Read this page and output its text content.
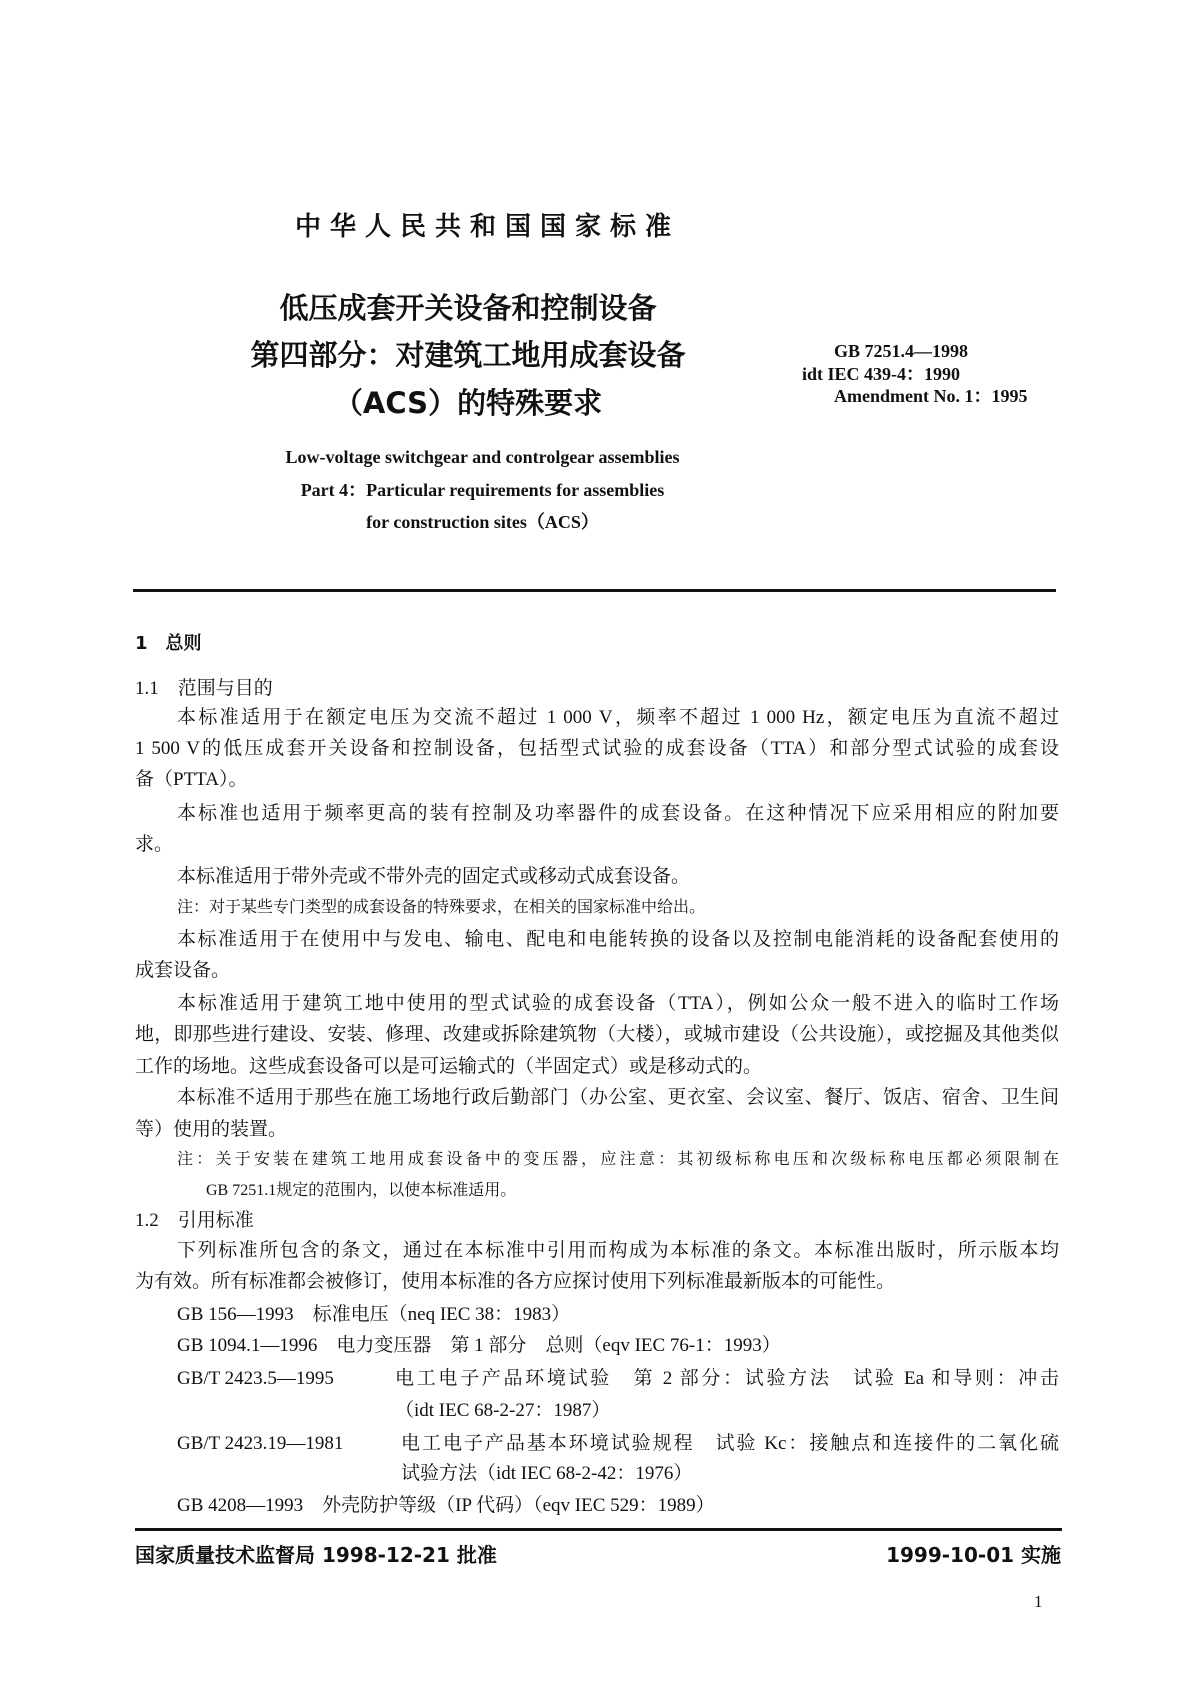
中华人民共和国国家标准
低压成套开关设备和控制设备
第四部分：对建筑工地用成套设备
（ACS）的特殊要求
GB 7251.4—1998
idt IEC 439-4：1990
Amendment No. 1：1995
Low-voltage switchgear and controlgear assemblies
Part 4：Particular requirements for assemblies
for construction sites（ACS）
1　总则
1.1　范围与目的
本标准适用于在额定电压为交流不超过 1 000 V，频率不超过 1 000 Hz，额定电压为直流不超过
1 500 V的低压成套开关设备和控制设备，包括型式试验的成套设备（TTA）和部分型式试验的成套设
备（PTTA）。
本标准也适用于频率更高的装有控制及功率器件的成套设备。在这种情况下应采用相应的附加要
求。
本标准适用于带外壳或不带外壳的固定式或移动式成套设备。
注：对于某些专门类型的成套设备的特殊要求，在相关的国家标准中给出。
本标准适用于在使用中与发电、输电、配电和电能转换的设备以及控制电能消耗的设备配套使用的
成套设备。
本标准适用于建筑工地中使用的型式试验的成套设备（TTA），例如公众一般不进入的临时工作场
地，即那些进行建设、安装、修理、改建或拆除建筑物（大楼），或城市建设（公共设施），或挖掘及其他类似
工作的场地。这些成套设备可以是可运输式的（半固定式）或是移动式的。
本标准不适用于那些在施工场地行政后勤部门（办公室、更衣室、会议室、餐厅、饭店、宿舍、卫生间
等）使用的装置。
注：关于安装在建筑工地用成套设备中的变压器，应注意：其初级标称电压和次级标称电压都必须限制在
GB 7251.1规定的范围内，以使本标准适用。
1.2　引用标准
下列标准所包含的条文，通过在本标准中引用而构成为本标准的条文。本标准出版时，所示版本均
为有效。所有标准都会被修订，使用本标准的各方应探讨使用下列标准最新版本的可能性。
GB 156—1993　标准电压（neq IEC 38：1983）
GB 1094.1—1996　电力变压器　第 1 部分　总则（eqv IEC 76-1：1993）
GB/T 2423.5—1995	电工电子产品环境试验　第 2 部分：试验方法　试验 Ea 和导则：冲击
（idt IEC 68-2-27：1987）
GB/T 2423.19—1981	电工电子产品基本环境试验规程　试验 Kc：接触点和连接件的二氧化硫
试验方法（idt IEC 68-2-42：1976）
GB 4208—1993　外壳防护等级（IP 代码）（eqv IEC 529：1989）
国家质量技术监督局 1998-12-21 批准	1999-10-01 实施
1
